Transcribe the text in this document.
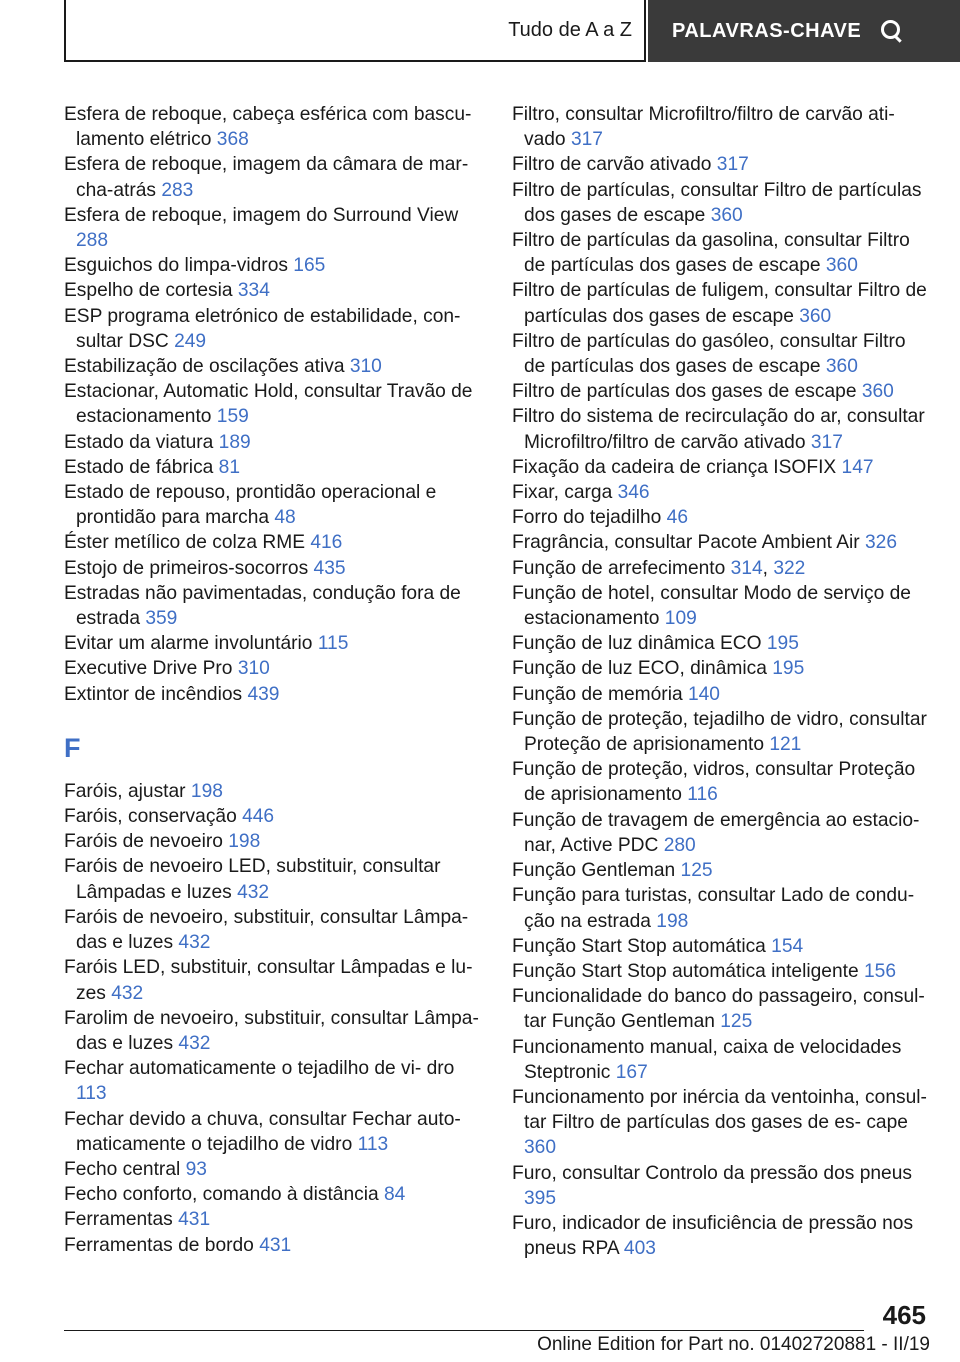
Tudo de A a Z PALAVRAS-CHAVE
Esfera de reboque, cabeça esférica com bascu- lamento elétrico 368
Esfera de reboque, imagem da câmara de mar- cha-atrás 283
Esfera de reboque, imagem do Surround View 288
Esguichos do limpa-vidros 165
Espelho de cortesia 334
ESP programa eletrónico de estabilidade, con- sultar DSC 249
Estabilização de oscilações ativa 310
Estacionar, Automatic Hold, consultar Travão de estacionamento 159
Estado da viatura 189
Estado de fábrica 81
Estado de repouso, prontidão operacional e prontidão para marcha 48
Éster metílico de colza RME 416
Estojo de primeiros-socorros 435
Estradas não pavimentadas, condução fora de estrada 359
Evitar um alarme involuntário 115
Executive Drive Pro 310
Extintor de incêndios 439
F
Faróis, ajustar 198
Faróis, conservação 446
Faróis de nevoeiro 198
Faróis de nevoeiro LED, substituir, consultar Lâmpadas e luzes 432
Faróis de nevoeiro, substituir, consultar Lâmpa- das e luzes 432
Faróis LED, substituir, consultar Lâmpadas e lu- zes 432
Farolim de nevoeiro, substituir, consultar Lâmpa- das e luzes 432
Fechar automaticamente o tejadilho de vi- dro 113
Fechar devido a chuva, consultar Fechar auto- maticamente o tejadilho de vidro 113
Fecho central 93
Fecho conforto, comando à distância 84
Ferramentas 431
Ferramentas de bordo 431
Filtro, consultar Microfiltro/filtro de carvão ati- vado 317
Filtro de carvão ativado 317
Filtro de partículas, consultar Filtro de partículas dos gases de escape 360
Filtro de partículas da gasolina, consultar Filtro de partículas dos gases de escape 360
Filtro de partículas de fuligem, consultar Filtro de partículas dos gases de escape 360
Filtro de partículas do gasóleo, consultar Filtro de partículas dos gases de escape 360
Filtro de partículas dos gases de escape 360
Filtro do sistema de recirculação do ar, consultar Microfiltro/filtro de carvão ativado 317
Fixação da cadeira de criança ISOFIX 147
Fixar, carga 346
Forro do tejadilho 46
Fragrância, consultar Pacote Ambient Air 326
Função de arrefecimento 314, 322
Função de hotel, consultar Modo de serviço de estacionamento 109
Função de luz dinâmica ECO 195
Função de luz ECO, dinâmica 195
Função de memória 140
Função de proteção, tejadilho de vidro, consultar Proteção de aprisionamento 121
Função de proteção, vidros, consultar Proteção de aprisionamento 116
Função de travagem de emergência ao estacio- nar, Active PDC 280
Função Gentleman 125
Função para turistas, consultar Lado de condu- ção na estrada 198
Função Start Stop automática 154
Função Start Stop automática inteligente 156
Funcionalidade do banco do passageiro, consul- tar Função Gentleman 125
Funcionamento manual, caixa de velocidades Steptronic 167
Funcionamento por inércia da ventoinha, consul- tar Filtro de partículas dos gases de es- cape 360
Furo, consultar Controlo da pressão dos pneus 395
Furo, indicador de insuficiência de pressão nos pneus RPA 403
465
Online Edition for Part no. 01402720881 - II/19
